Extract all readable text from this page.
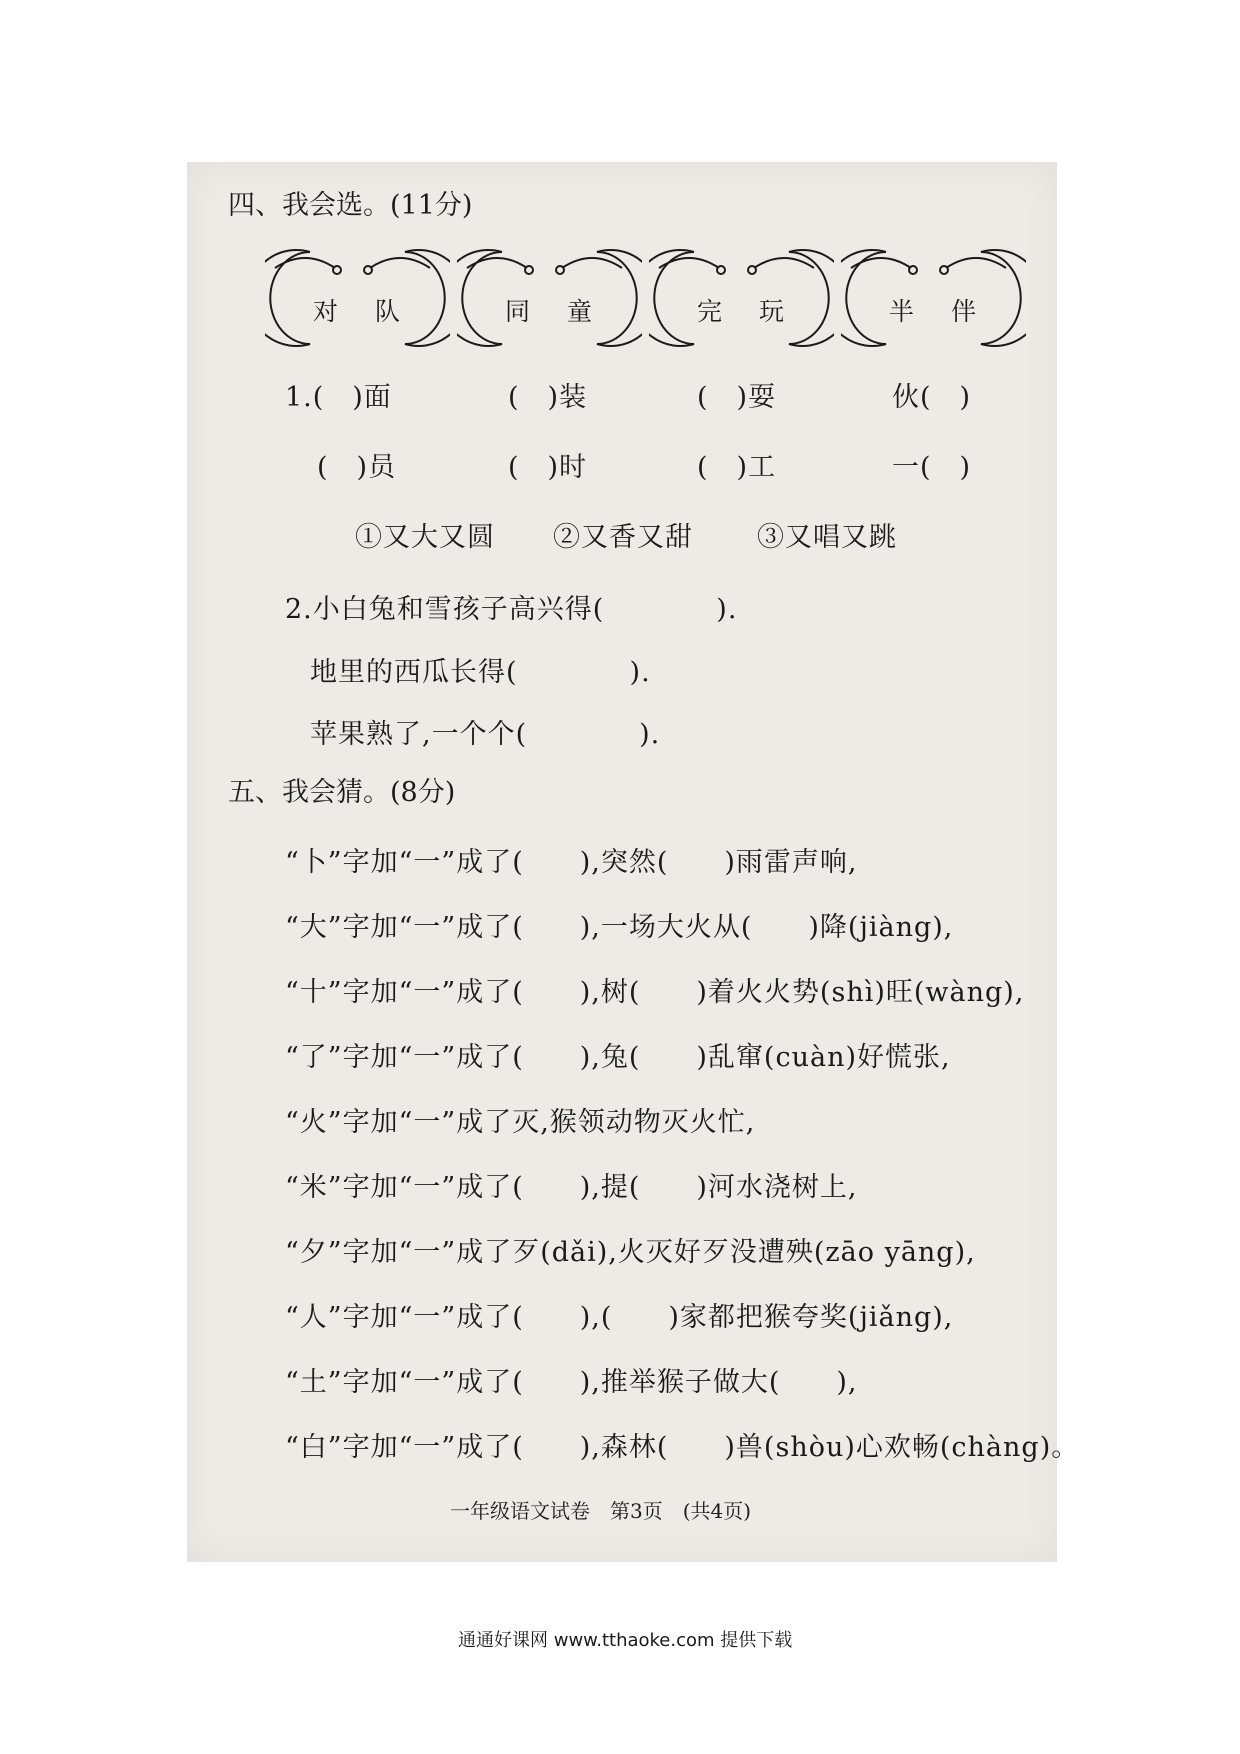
四、我会选。(11分)
对 队	同 童	完 玩	半 伴
1.(　)面	(　)装	(　)耍	伙(　)
(　)员	(　)时	(　)工	一(　)
①又大又圆 ②又香又甜 ③又唱又跳
2.小白兔和雪孩子高兴得(　　　　).
地里的西瓜长得(　　　　).
苹果熟了,一个个(　　　　).
五、我会猜。(8分)
“卜”字加“一”成了(　　),突然(　　)雨雷声响,
“大”字加“一”成了(　　),一场大火从(　　)降(jiàng),
“十”字加“一”成了(　　),树(　　)着火火势(shì)旺(wàng),
“了”字加“一”成了(　　),兔(　　)乱窜(cuàn)好慌张,
“火”字加“一”成了灭,猴领动物灭火忙,
“米”字加“一”成了(　　),提(　　)河水浇树上,
“夕”字加“一”成了歹(dǎi),火灭好歹没遭殃(zāo yāng),
“人”字加“一”成了(　　),(　　)家都把猴夸奖(jiǎng),
“土”字加“一”成了(　　),推举猴子做大(　　),
“白”字加“一”成了(　　),森林(　　)兽(shòu)心欢畅(chàng)。
一年级语文试卷　第3页　(共4页)
通通好课网 www.tthaoke.com 提供下载
